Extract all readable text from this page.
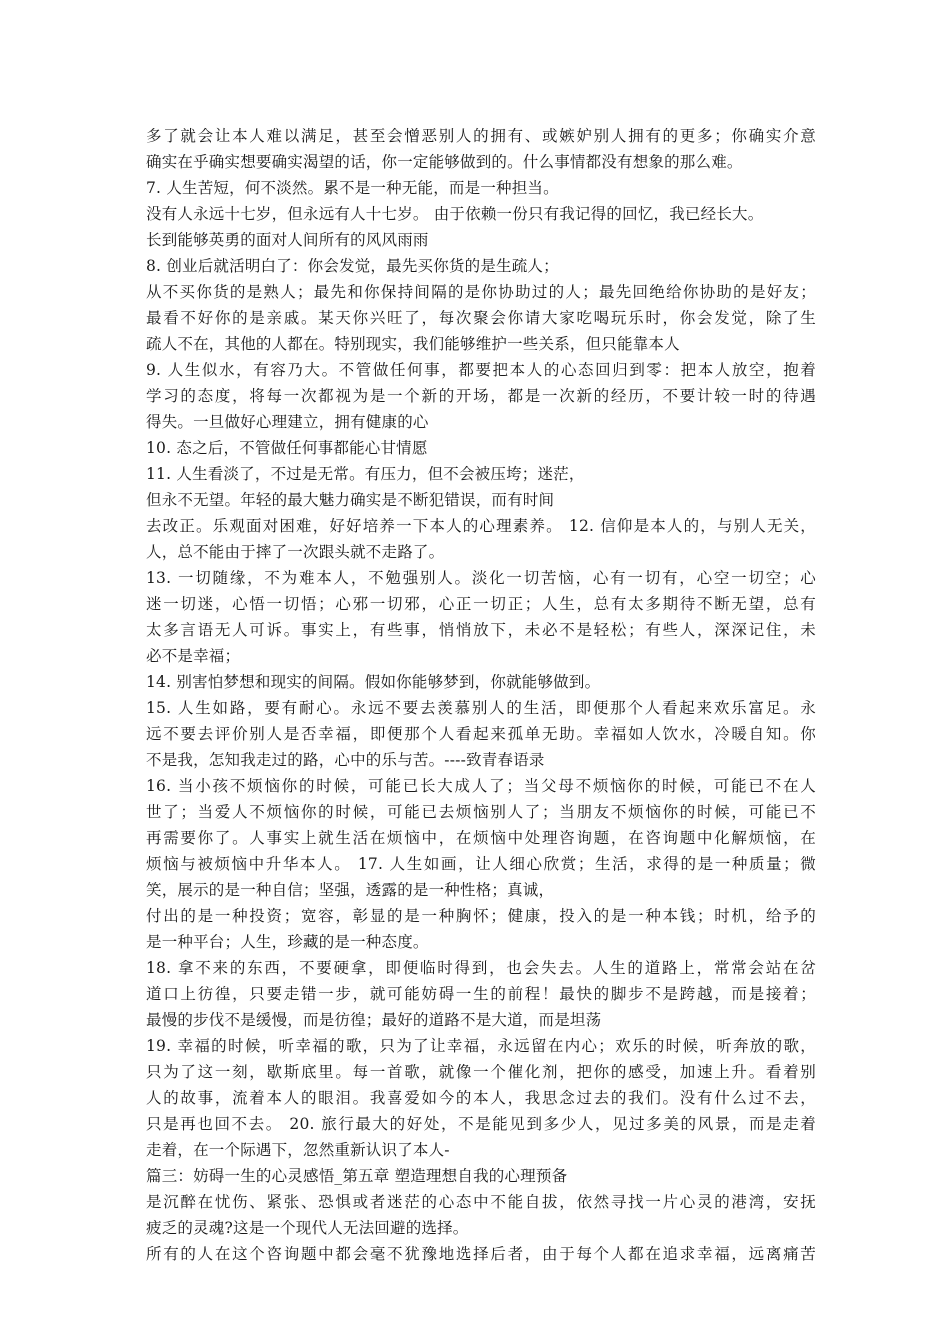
多了就会让本人难以满足，甚至会憎恶别人的拥有、或嫉妒别人拥有的更多；你确实介意
确实在乎确实想要确实渴望的话，你一定能够做到的。什么事情都没有想象的那么难。
7. 人生苦短，何不淡然。累不是一种无能，而是一种担当。
没有人永远十七岁，但永远有人十七岁。 由于依赖一份只有我记得的回忆，我已经长大。
长到能够英勇的面对人间所有的风风雨雨
8. 创业后就活明白了：你会发觉，最先买你货的是生疏人；
从不买你货的是熟人；最先和你保持间隔的是你协助过的人；最先回绝给你协助的是好友；
最看不好你的是亲戚。某天你兴旺了，每次聚会你请大家吃喝玩乐时，你会发觉，除了生
疏人不在，其他的人都在。特别现实，我们能够维护一些关系，但只能靠本人
9. 人生似水，有容乃大。不管做任何事，都要把本人的心态回归到零：把本人放空，抱着
学习的态度，将每一次都视为是一个新的开场，都是一次新的经历，不要计较一时的待遇
得失。一旦做好心理建立，拥有健康的心
10. 态之后，不管做任何事都能心甘情愿
11. 人生看淡了，不过是无常。有压力，但不会被压垮；迷茫，
但永不无望。年轻的最大魅力确实是不断犯错误，而有时间
去改正。乐观面对困难，好好培养一下本人的心理素养。 12. 信仰是本人的，与别人无关，
人，总不能由于摔了一次跟头就不走路了。
13. 一切随缘，不为难本人，不勉强别人。淡化一切苦恼，心有一切有，心空一切空；心
迷一切迷，心悟一切悟；心邪一切邪，心正一切正；人生，总有太多期待不断无望，总有
太多言语无人可诉。事实上，有些事，悄悄放下，未必不是轻松；有些人，深深记住，未
必不是幸福；
14. 别害怕梦想和现实的间隔。假如你能够梦到，你就能够做到。
15. 人生如路，要有耐心。永远不要去羡慕别人的生活，即便那个人看起来欢乐富足。永
远不要去评价别人是否幸福，即便那个人看起来孤单无助。幸福如人饮水，冷暖自知。你
不是我，怎知我走过的路，心中的乐与苦。----致青春语录
16. 当小孩不烦恼你的时候，可能已长大成人了；当父母不烦恼你的时候，可能已不在人
世了；当爱人不烦恼你的时候，可能已去烦恼别人了；当朋友不烦恼你的时候，可能已不
再需要你了。人事实上就生活在烦恼中，在烦恼中处理咨询题，在咨询题中化解烦恼，在
烦恼与被烦恼中升华本人。 17. 人生如画，让人细心欣赏；生活，求得的是一种质量；微
笑，展示的是一种自信；坚强，透露的是一种性格；真诚，
付出的是一种投资；宽容，彰显的是一种胸怀；健康，投入的是一种本钱；时机，给予的
是一种平台；人生，珍藏的是一种态度。
18. 拿不来的东西，不要硬拿，即便临时得到，也会失去。人生的道路上，常常会站在岔
道口上彷徨，只要走错一步，就可能妨碍一生的前程！最快的脚步不是跨越，而是接着；
最慢的步伐不是缓慢，而是彷徨；最好的道路不是大道，而是坦荡
19. 幸福的时候，听幸福的歌，只为了让幸福，永远留在内心；欢乐的时候，听奔放的歌，
只为了这一刻，歇斯底里。每一首歌，就像一个催化剂，把你的感受，加速上升。看着别
人的故事，流着本人的眼泪。我喜爱如今的本人，我思念过去的我们。没有什么过不去，
只是再也回不去。 20. 旅行最大的好处，不是能见到多少人，见过多美的风景，而是走着
走着，在一个际遇下，忽然重新认识了本人-
篇三：妨碍一生的心灵感悟_第五章 塑造理想自我的心理预备
是沉醉在忧伤、紧张、恐惧或者迷茫的心态中不能自拔，依然寻找一片心灵的港湾，安抚
疲乏的灵魂?这是一个现代人无法回避的选择。
所有的人在这个咨询题中都会毫不犹豫地选择后者，由于每个人都在追求幸福，远离痛苦
